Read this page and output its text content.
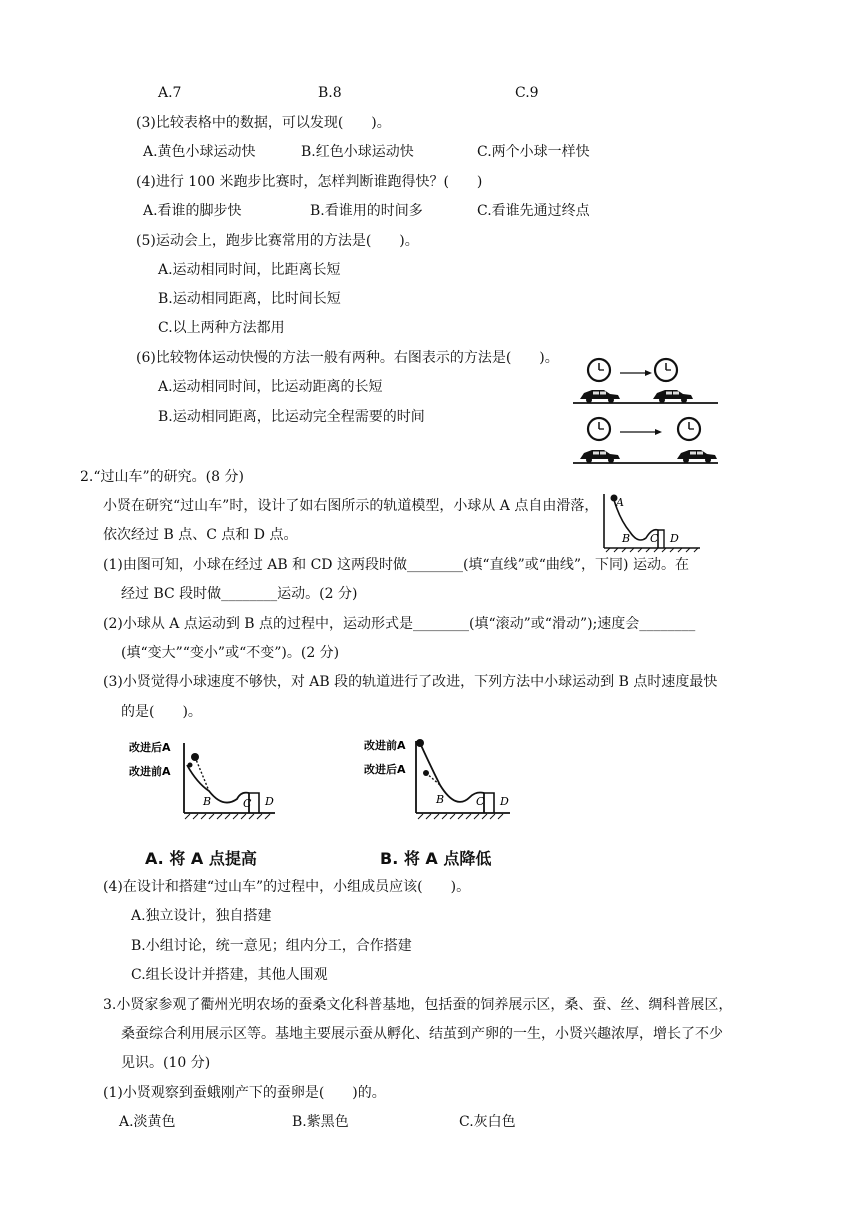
A.7	B.8	C.9
(3)比较表格中的数据，可以发现(　　)。
A.黄色小球运动快	B.红色小球运动快	C.两个小球一样快
(4)进行 100 米跑步比赛时，怎样判断谁跑得快？(　　)
A.看谁的脚步快	B.看谁用的时间多	C.看谁先通过终点
(5)运动会上，跑步比赛常用的方法是(　　)。
A.运动相同时间，比距离长短
B.运动相同距离，比时间长短
C.以上两种方法都用
(6)比较物体运动快慢的方法一般有两种。右图表示的方法是(　　)。
A.运动相同时间，比运动距离的长短
B.运动相同距离，比运动完全程需要的时间
2.“过山车”的研究。(8 分)
小贤在研究“过山车”时，设计了如右图所示的轨道模型，小球从 A 点自由滑落，
依次经过 B 点、C 点和 D 点。
A
B C D
(1)由图可知，小球在经过 AB 和 CD 这两段时做________(填“直线”或“曲线”，下同) 运动。在
经过 BC 段时做________运动。(2 分)
(2)小球从 A 点运动到 B 点的过程中，运动形式是________(填“滚动”或“滑动”);速度会________
(填“变大”“变小”或“不变”)。(2 分)
(3)小贤觉得小球速度不够快，对 AB 段的轨道进行了改进，下列方法中小球运动到 B 点时速度最快
的是(　　)。
改进后A
改进前A
B	C D
A. 将 A 点提高
改进前A
改进后A
B	C D
B. 将 A 点降低
(4)在设计和搭建“过山车”的过程中，小组成员应该(　　)。
A.独立设计，独自搭建
B.小组讨论，统一意见；组内分工，合作搭建
C.组长设计并搭建，其他人围观
3.小贤家参观了衢州光明农场的蚕桑文化科普基地，包括蚕的饲养展示区，桑、蚕、丝、绸科普展区，
桑蚕综合利用展示区等。基地主要展示蚕从孵化、结茧到产卵的一生，小贤兴趣浓厚，增长了不少
见识。(10 分)
(1)小贤观察到蚕蛾刚产下的蚕卵是(　　)的。
A.淡黄色	B.紫黑色	C.灰白色
